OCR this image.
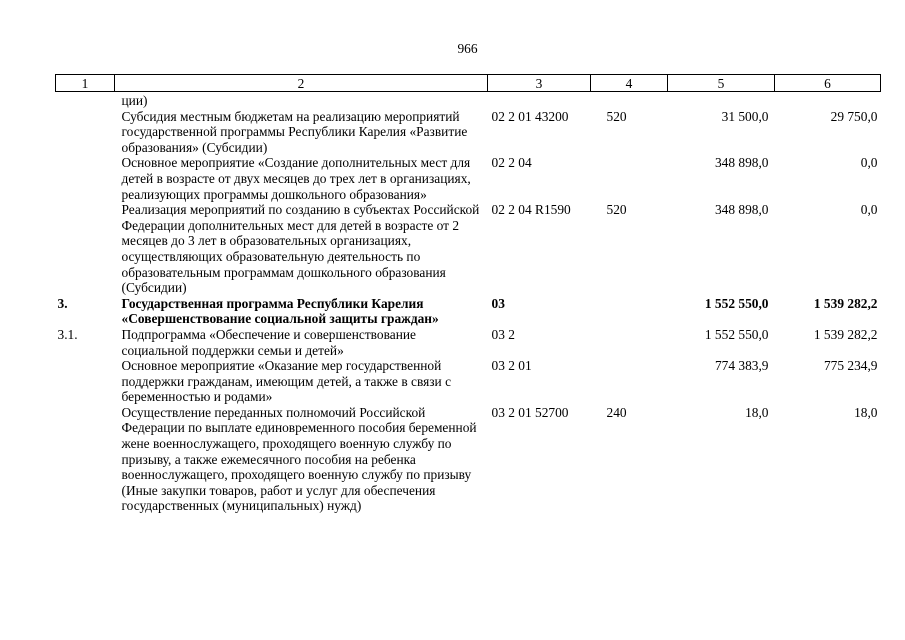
966
1	2	3	4	5	6
	ции)				
	Субсидия местным бюджетам на реализацию мероприятий государственной программы Республики Карелия «Развитие образования» (Субсидии)	02 2 01 43200	520	31 500,0	29 750,0
	Основное мероприятие «Создание дополнительных мест для детей в возрасте от двух месяцев до трех лет в организациях, реализующих программы дошкольного образования»	02 2 04		348 898,0	0,0
	Реализация мероприятий по созданию в субъектах Российской Федерации дополнительных мест для детей в возрасте от 2 месяцев до 3 лет в образовательных организациях, осуществляющих образовательную деятельность по образовательным программам дошкольного образования (Субсидии)	02 2 04 R1590	520	348 898,0	0,0
3.	Государственная программа Республики Карелия «Совершенствование социальной защиты граждан»	03		1 552 550,0	1 539 282,2
3.1.	Подпрограмма «Обеспечение и совершенствование социальной поддержки семьи и детей»	03 2		1 552 550,0	1 539 282,2
	Основное мероприятие «Оказание мер государственной поддержки гражданам, имеющим детей, а также в связи с беременностью и родами»	03 2 01		774 383,9	775 234,9
	Осуществление переданных полномочий Российской Федерации по выплате единовременного пособия беременной жене военнослужащего, проходящего военную службу по призыву, а также ежемесячного пособия на ребенка военнослужащего, проходящего военную службу по призыву (Иные закупки товаров, работ и услуг для обеспечения государственных (муниципальных) нужд)	03 2 01 52700	240	18,0	18,0
